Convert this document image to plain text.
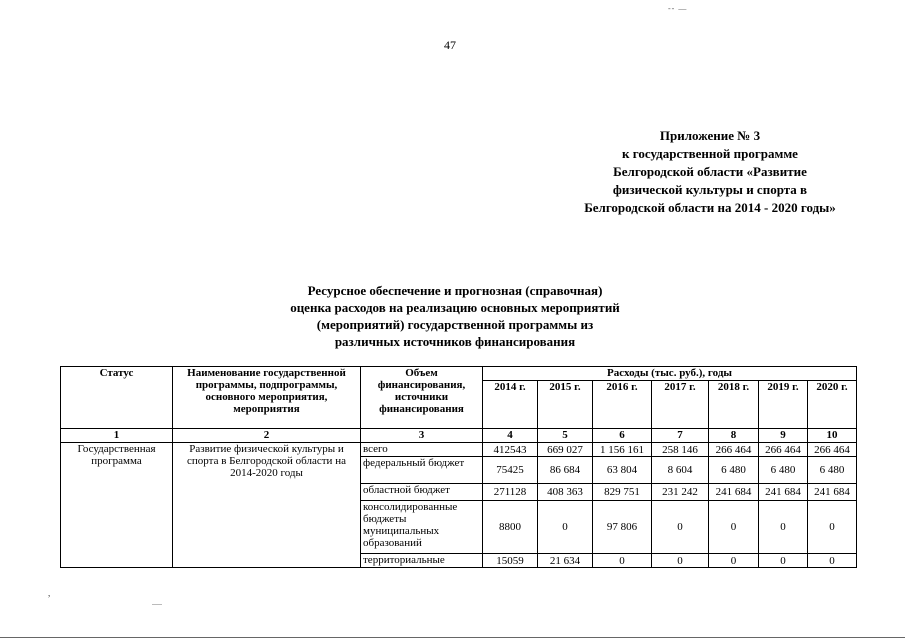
-- —
47
Приложение № 3
к государственной программе
Белгородской области «Развитие
физической культуры и спорта в
Белгородской области на 2014 - 2020 годы»
Ресурсное обеспечение и прогнозная (справочная)
оценка расходов на реализацию основных мероприятий
(мероприятий) государственной программы из
различных источников финансирования
Статус	Наименование государственной программы, подпрограммы, основного мероприятия, мероприятия	Объем финансирования, источники финансирования	Расходы (тыс. руб.), годы						
			2014 г.	2015 г.	2016 г.	2017 г.	2018 г.	2019 г.	2020 г.
1	2	3	4	5	6	7	8	9	10
Государственная программа	Развитие физической культуры и спорта в Белгородской области на 2014-2020 годы	всего	412543	669 027	1 156 161	258 146	266 464	266 464	266 464
		федеральный бюджет	75425	86 684	63 804	8 604	6 480	6 480	6 480
		областной бюджет	271128	408 363	829 751	231 242	241 684	241 684	241 684
		консолидированные бюджеты муниципальных образований	8800	0	97 806	0	0	0	0
		территориальные	15059	21 634	0	0	0	0	0
,
